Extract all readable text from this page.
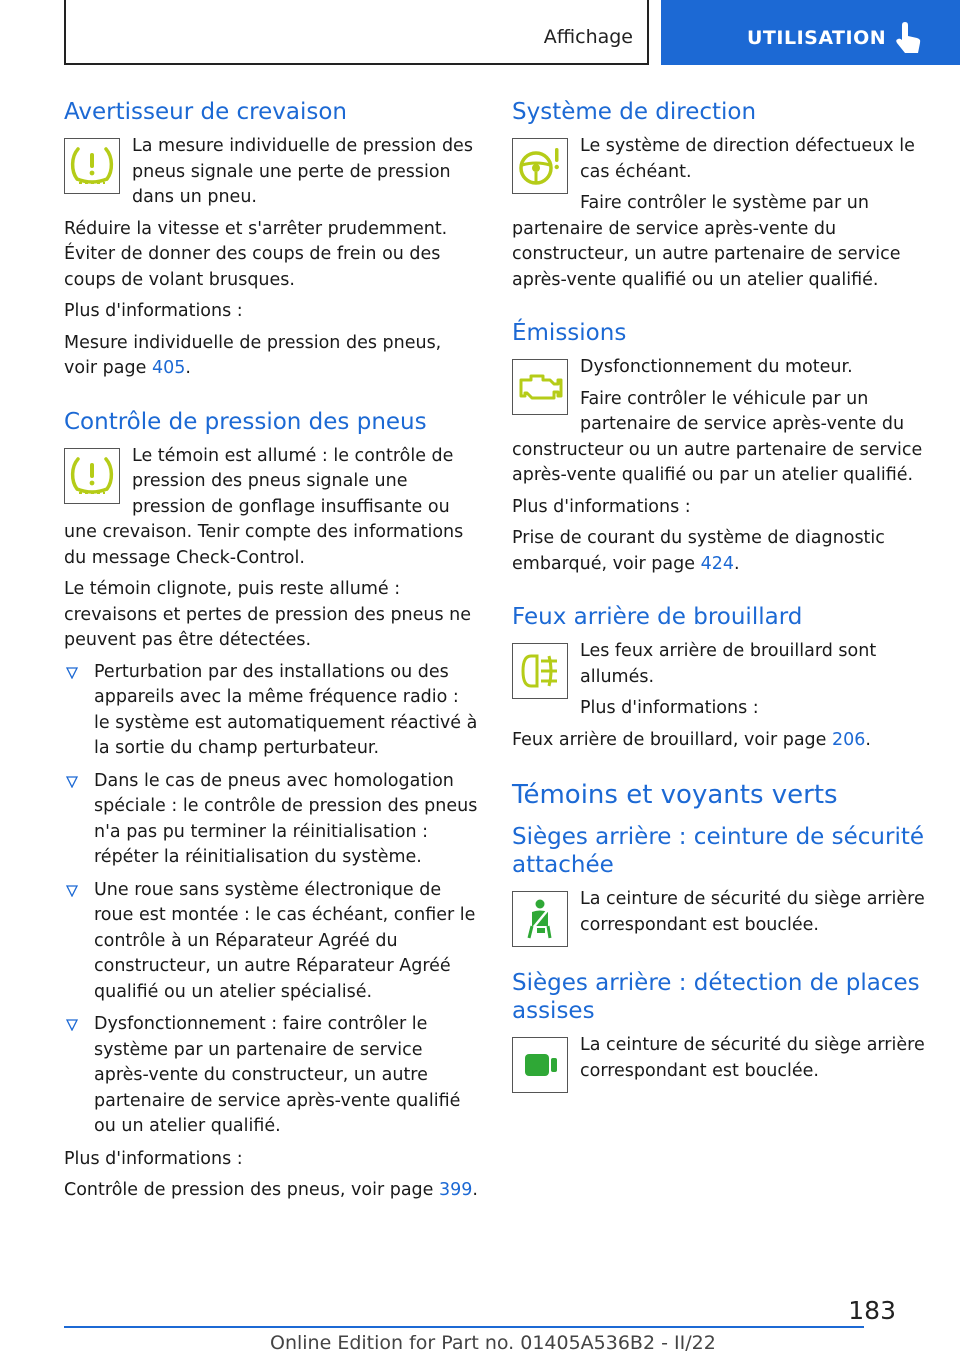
Affichage	UTILISATION
Avertisseur de crevaison

La mesure individuelle de pression des pneus signale une perte de pression dans un pneu.

Réduire la vitesse et s'arrêter prudemment. Éviter de donner des coups de frein ou des coups de volant brusques.

Plus d'informations :

Mesure individuelle de pression des pneus, voir page 405.

Contrôle de pression des pneus

Le témoin est allumé : le contrôle de pression des pneus signale une pression de gonflage insuffisante ou une crevaison. Tenir compte des informations du message Check-Control.

Le témoin clignote, puis reste allumé : crevaisons et pertes de pression des pneus ne peuvent pas être détectées.

Perturbation par des installations ou des appareils avec la même fréquence radio : le système est automatiquement réactivé à la sortie du champ perturbateur.
Dans le cas de pneus avec homologation spéciale : le contrôle de pression des pneus n'a pas pu terminer la réinitialisation : répéter la réinitialisation du système.
Une roue sans système électronique de roue est montée : le cas échéant, confier le contrôle à un Réparateur Agréé du constructeur, un autre Réparateur Agréé qualifié ou un atelier spécialisé.
Dysfonctionnement : faire contrôler le système par un partenaire de service après-vente du constructeur, un autre partenaire de service après-vente qualifié ou un atelier qualifié.

Plus d'informations :

Contrôle de pression des pneus, voir page 399.

Système de direction

Le système de direction défectueux le cas échéant.

Faire contrôler le système par un partenaire de service après-vente du constructeur, un autre partenaire de service après-vente qualifié ou un atelier qualifié.

Émissions

Dysfonctionnement du moteur.

Faire contrôler le véhicule par un partenaire de service après-vente du constructeur ou un autre partenaire de service après-vente qualifié ou par un atelier qualifié.

Plus d'informations :

Prise de courant du système de diagnostic embarqué, voir page 424.

Feux arrière de brouillard

Les feux arrière de brouillard sont allumés.

Plus d'informations :

Feux arrière de brouillard, voir page 206.

Témoins et voyants verts
Sièges arrière : ceinture de sécurité attachée

La ceinture de sécurité du siège arrière correspondant est bouclée.

Sièges arrière : détection de places assises

La ceinture de sécurité du siège arrière correspondant est bouclée.

183
Online Edition for Part no. 01405A536B2 - II/22
